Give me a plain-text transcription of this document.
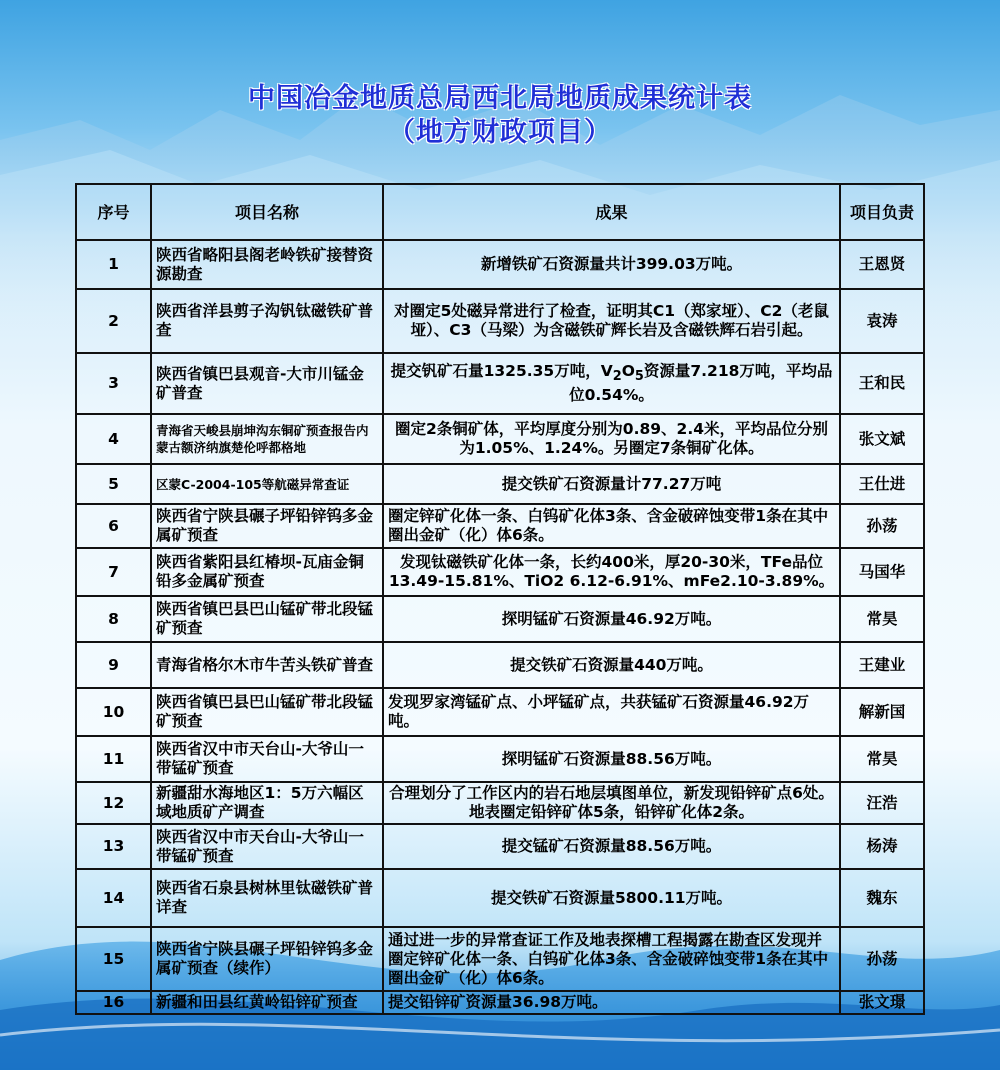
中国冶金地质总局西北局地质成果统计表
（地方财政项目）
序号	项目名称	成果	项目负责
1	陕西省略阳县阁老岭铁矿接替资源勘查	新增铁矿石资源量共计399.03万吨。	王恩贤
2	陕西省洋县剪子沟钒钛磁铁矿普查	对圈定5处磁异常进行了检查，证明其C1（郑家垭）、C2（老鼠垭）、C3（马梁）为含磁铁矿辉长岩及含磁铁辉石岩引起。	袁涛
3	陕西省镇巴县观音-大市川锰金矿普查	提交钒矿石量1325.35万吨，$V_2O_5$资源量7.218万吨，平均品位0.54%。	王和民
4	青海省天峻县崩坤沟东铜矿预查报告内蒙古额济纳旗楚伦呼都格地	圈定2条铜矿体，平均厚度分别为0.89、2.4米，平均品位分别为1.05%、1.24%。另圈定7条铜矿化体。	张文斌
5	区蒙C-2004-105等航磁异常查证	提交铁矿石资源量计77.27万吨	王仕进
6	陕西省宁陕县碾子坪铅锌钨多金属矿预查	圈定锌矿化体一条、白钨矿化体3条、含金破碎蚀变带1条在其中圈出金矿（化）体6条。	孙荡
7	陕西省紫阳县红椿坝-瓦庙金铜铅多金属矿预查	发现钛磁铁矿化体一条，长约400米，厚20-30米，TFe品位13.49-15.81%、TiO2 6.12-6.91%、mFe2.10-3.89%。	马国华
8	陕西省镇巴县巴山锰矿带北段锰矿预查	探明锰矿石资源量46.92万吨。	常昊
9	青海省格尔木市牛苦头铁矿普查	提交铁矿石资源量440万吨。	王建业
10	陕西省镇巴县巴山锰矿带北段锰矿预查	发现罗家湾锰矿点、小坪锰矿点，共获锰矿石资源量46.92万吨。	解新国
11	陕西省汉中市天台山-大爷山一带锰矿预查	探明锰矿石资源量88.56万吨。	常昊
12	新疆甜水海地区1：5万六幅区域地质矿产调查	合理划分了工作区内的岩石地层填图单位，新发现铅锌矿点6处。地表圈定铅锌矿体5条，铅锌矿化体2条。	汪浩
13	陕西省汉中市天台山-大爷山一带锰矿预查	提交锰矿石资源量88.56万吨。	杨涛
14	陕西省石泉县树林里钛磁铁矿普详查	提交铁矿石资源量5800.11万吨。	魏东
15	陕西省宁陕县碾子坪铅锌钨多金属矿预查（续作）	通过进一步的异常查证工作及地表探槽工程揭露在勘查区发现并圈定锌矿化体一条、白钨矿化体3条、含金破碎蚀变带1条在其中圈出金矿（化）体6条。	孙荡
16	新疆和田县红黄岭铅锌矿预查	提交铅锌矿资源量36.98万吨。	张文璟
